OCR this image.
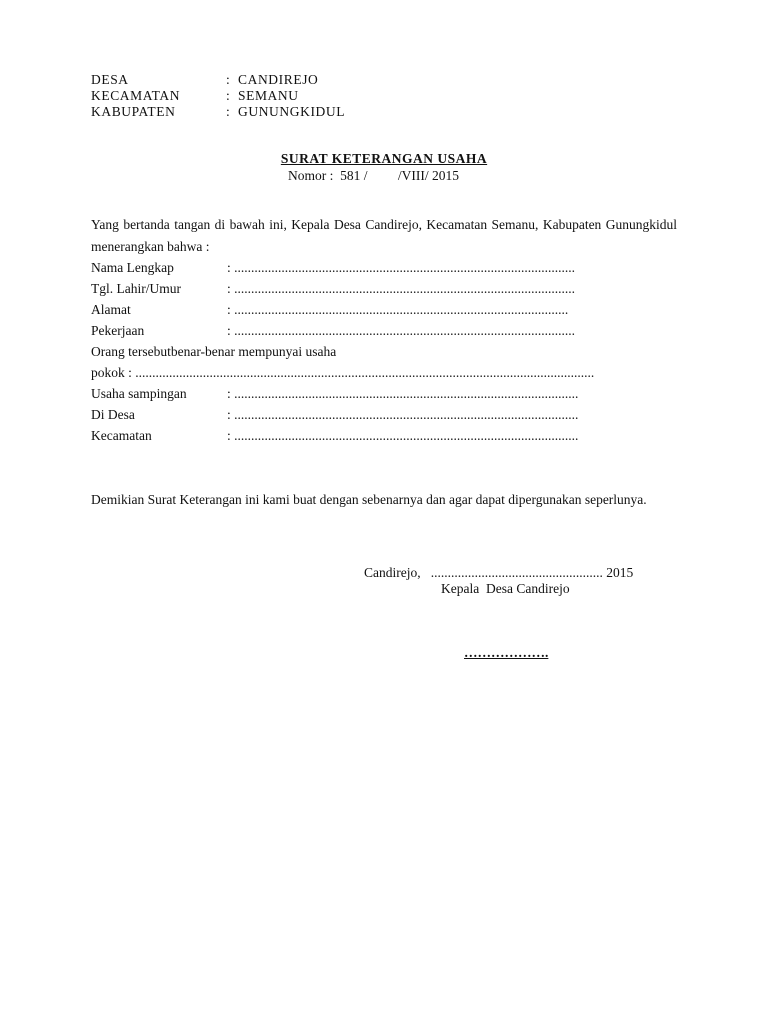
DESA	: CANDIREJO
KECAMATAN	: SEMANU
KABUPATEN	: GUNUNGKIDUL
SURAT KETERANGAN USAHA
Nomor :  581 /         /VIII/ 2015
Yang bertanda tangan di bawah ini, Kepala Desa Candirejo, Kecamatan Semanu, Kabupaten Gunungkidul menerangkan bahwa :
Nama Lengkap	: .....................................................................................................
Tgl. Lahir/Umur	: .....................................................................................................
Alamat	: ...................................................................................................
Pekerjaan	: .....................................................................................................
Orang tersebutbenar-benar mempunyai usaha
pokok : ........................................................................................................................................
Usaha sampingan	: ......................................................................................................
Di Desa	: ......................................................................................................
Kecamatan	: ......................................................................................................
Demikian Surat Keterangan ini kami buat dengan sebenarnya dan agar dapat dipergunakan seperlunya.
Candirejo,   ................................................... 2015
Kepala  Desa Candirejo
……………….
